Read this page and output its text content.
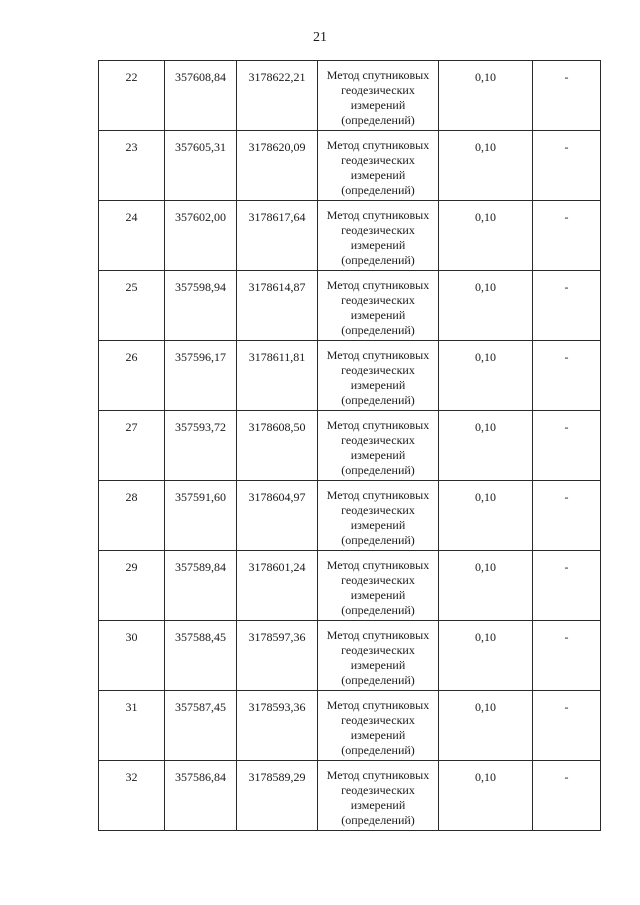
21
22	357608,84	3178622,21	Метод спутниковых
геодезических
измерений
(определений)	0,10	-
23	357605,31	3178620,09	Метод спутниковых
геодезических
измерений
(определений)	0,10	-
24	357602,00	3178617,64	Метод спутниковых
геодезических
измерений
(определений)	0,10	-
25	357598,94	3178614,87	Метод спутниковых
геодезических
измерений
(определений)	0,10	-
26	357596,17	3178611,81	Метод спутниковых
геодезических
измерений
(определений)	0,10	-
27	357593,72	3178608,50	Метод спутниковых
геодезических
измерений
(определений)	0,10	-
28	357591,60	3178604,97	Метод спутниковых
геодезических
измерений
(определений)	0,10	-
29	357589,84	3178601,24	Метод спутниковых
геодезических
измерений
(определений)	0,10	-
30	357588,45	3178597,36	Метод спутниковых
геодезических
измерений
(определений)	0,10	-
31	357587,45	3178593,36	Метод спутниковых
геодезических
измерений
(определений)	0,10	-
32	357586,84	3178589,29	Метод спутниковых
геодезических
измерений
(определений)	0,10	-
